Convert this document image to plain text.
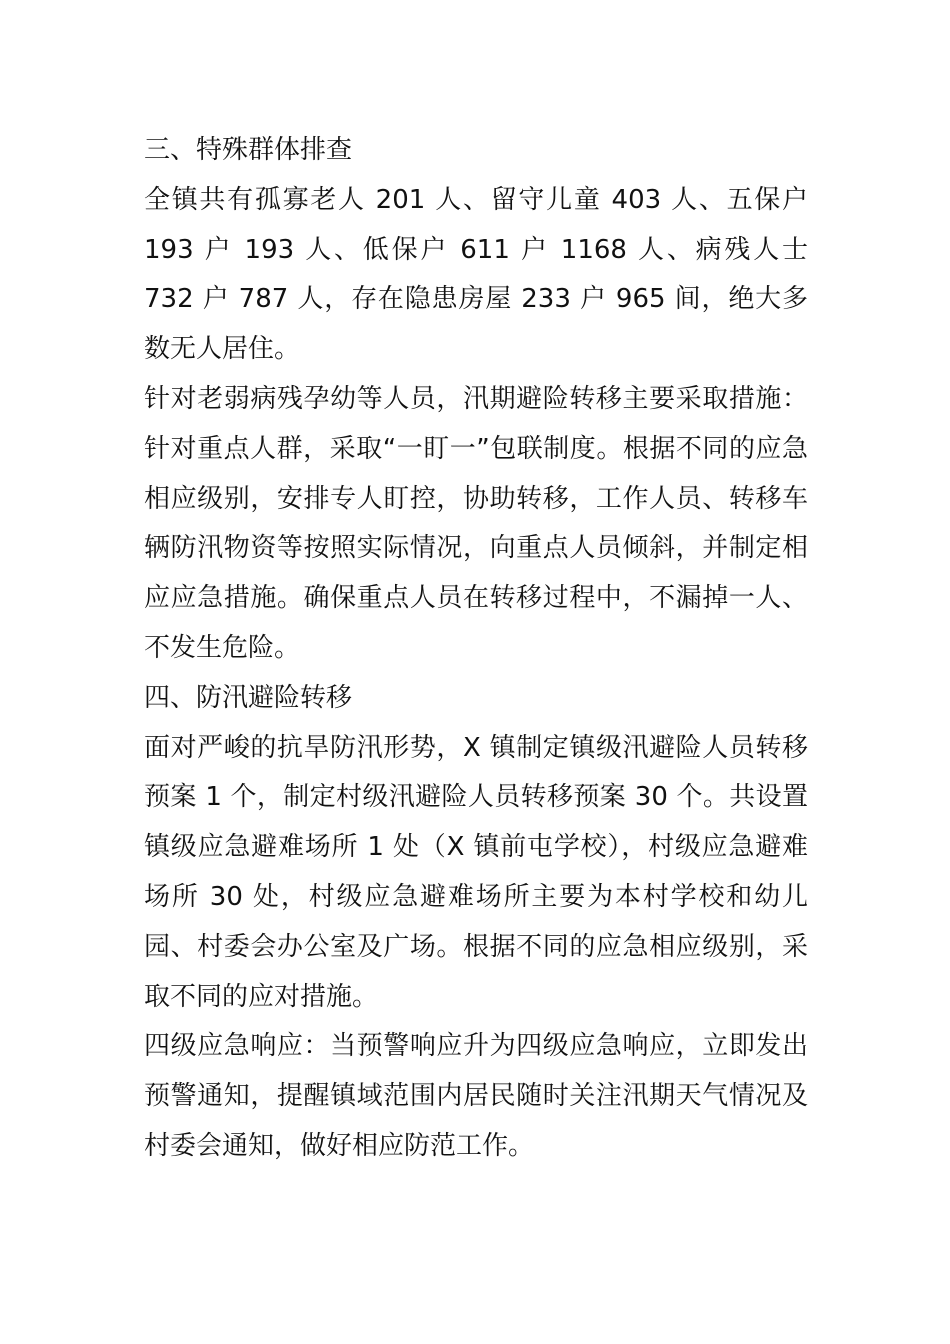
三、特殊群体排查

全镇共有孤寡老人 201 人、留守儿童 403 人、五保户 193 户 193 人、低保户 611 户 1168 人、病残人士 732 户 787 人，存在隐患房屋 233 户 965 间，绝大多数无人居住。

针对老弱病残孕幼等人员，汛期避险转移主要采取措施：针对重点人群，采取“一盯一”包联制度。根据不同的应急相应级别，安排专人盯控，协助转移，工作人员、转移车辆防汛物资等按照实际情况，向重点人员倾斜，并制定相应应急措施。确保重点人员在转移过程中，不漏掉一人、不发生危险。

四、防汛避险转移

面对严峻的抗旱防汛形势，X 镇制定镇级汛避险人员转移预案 1 个，制定村级汛避险人员转移预案 30 个。共设置镇级应急避难场所 1 处（X 镇前屯学校），村级应急避难场所 30 处，村级应急避难场所主要为本村学校和幼儿园、村委会办公室及广场。根据不同的应急相应级别，采取不同的应对措施。

四级应急响应：当预警响应升为四级应急响应，立即发出预警通知，提醒镇域范围内居民随时关注汛期天气情况及村委会通知，做好相应防范工作。
